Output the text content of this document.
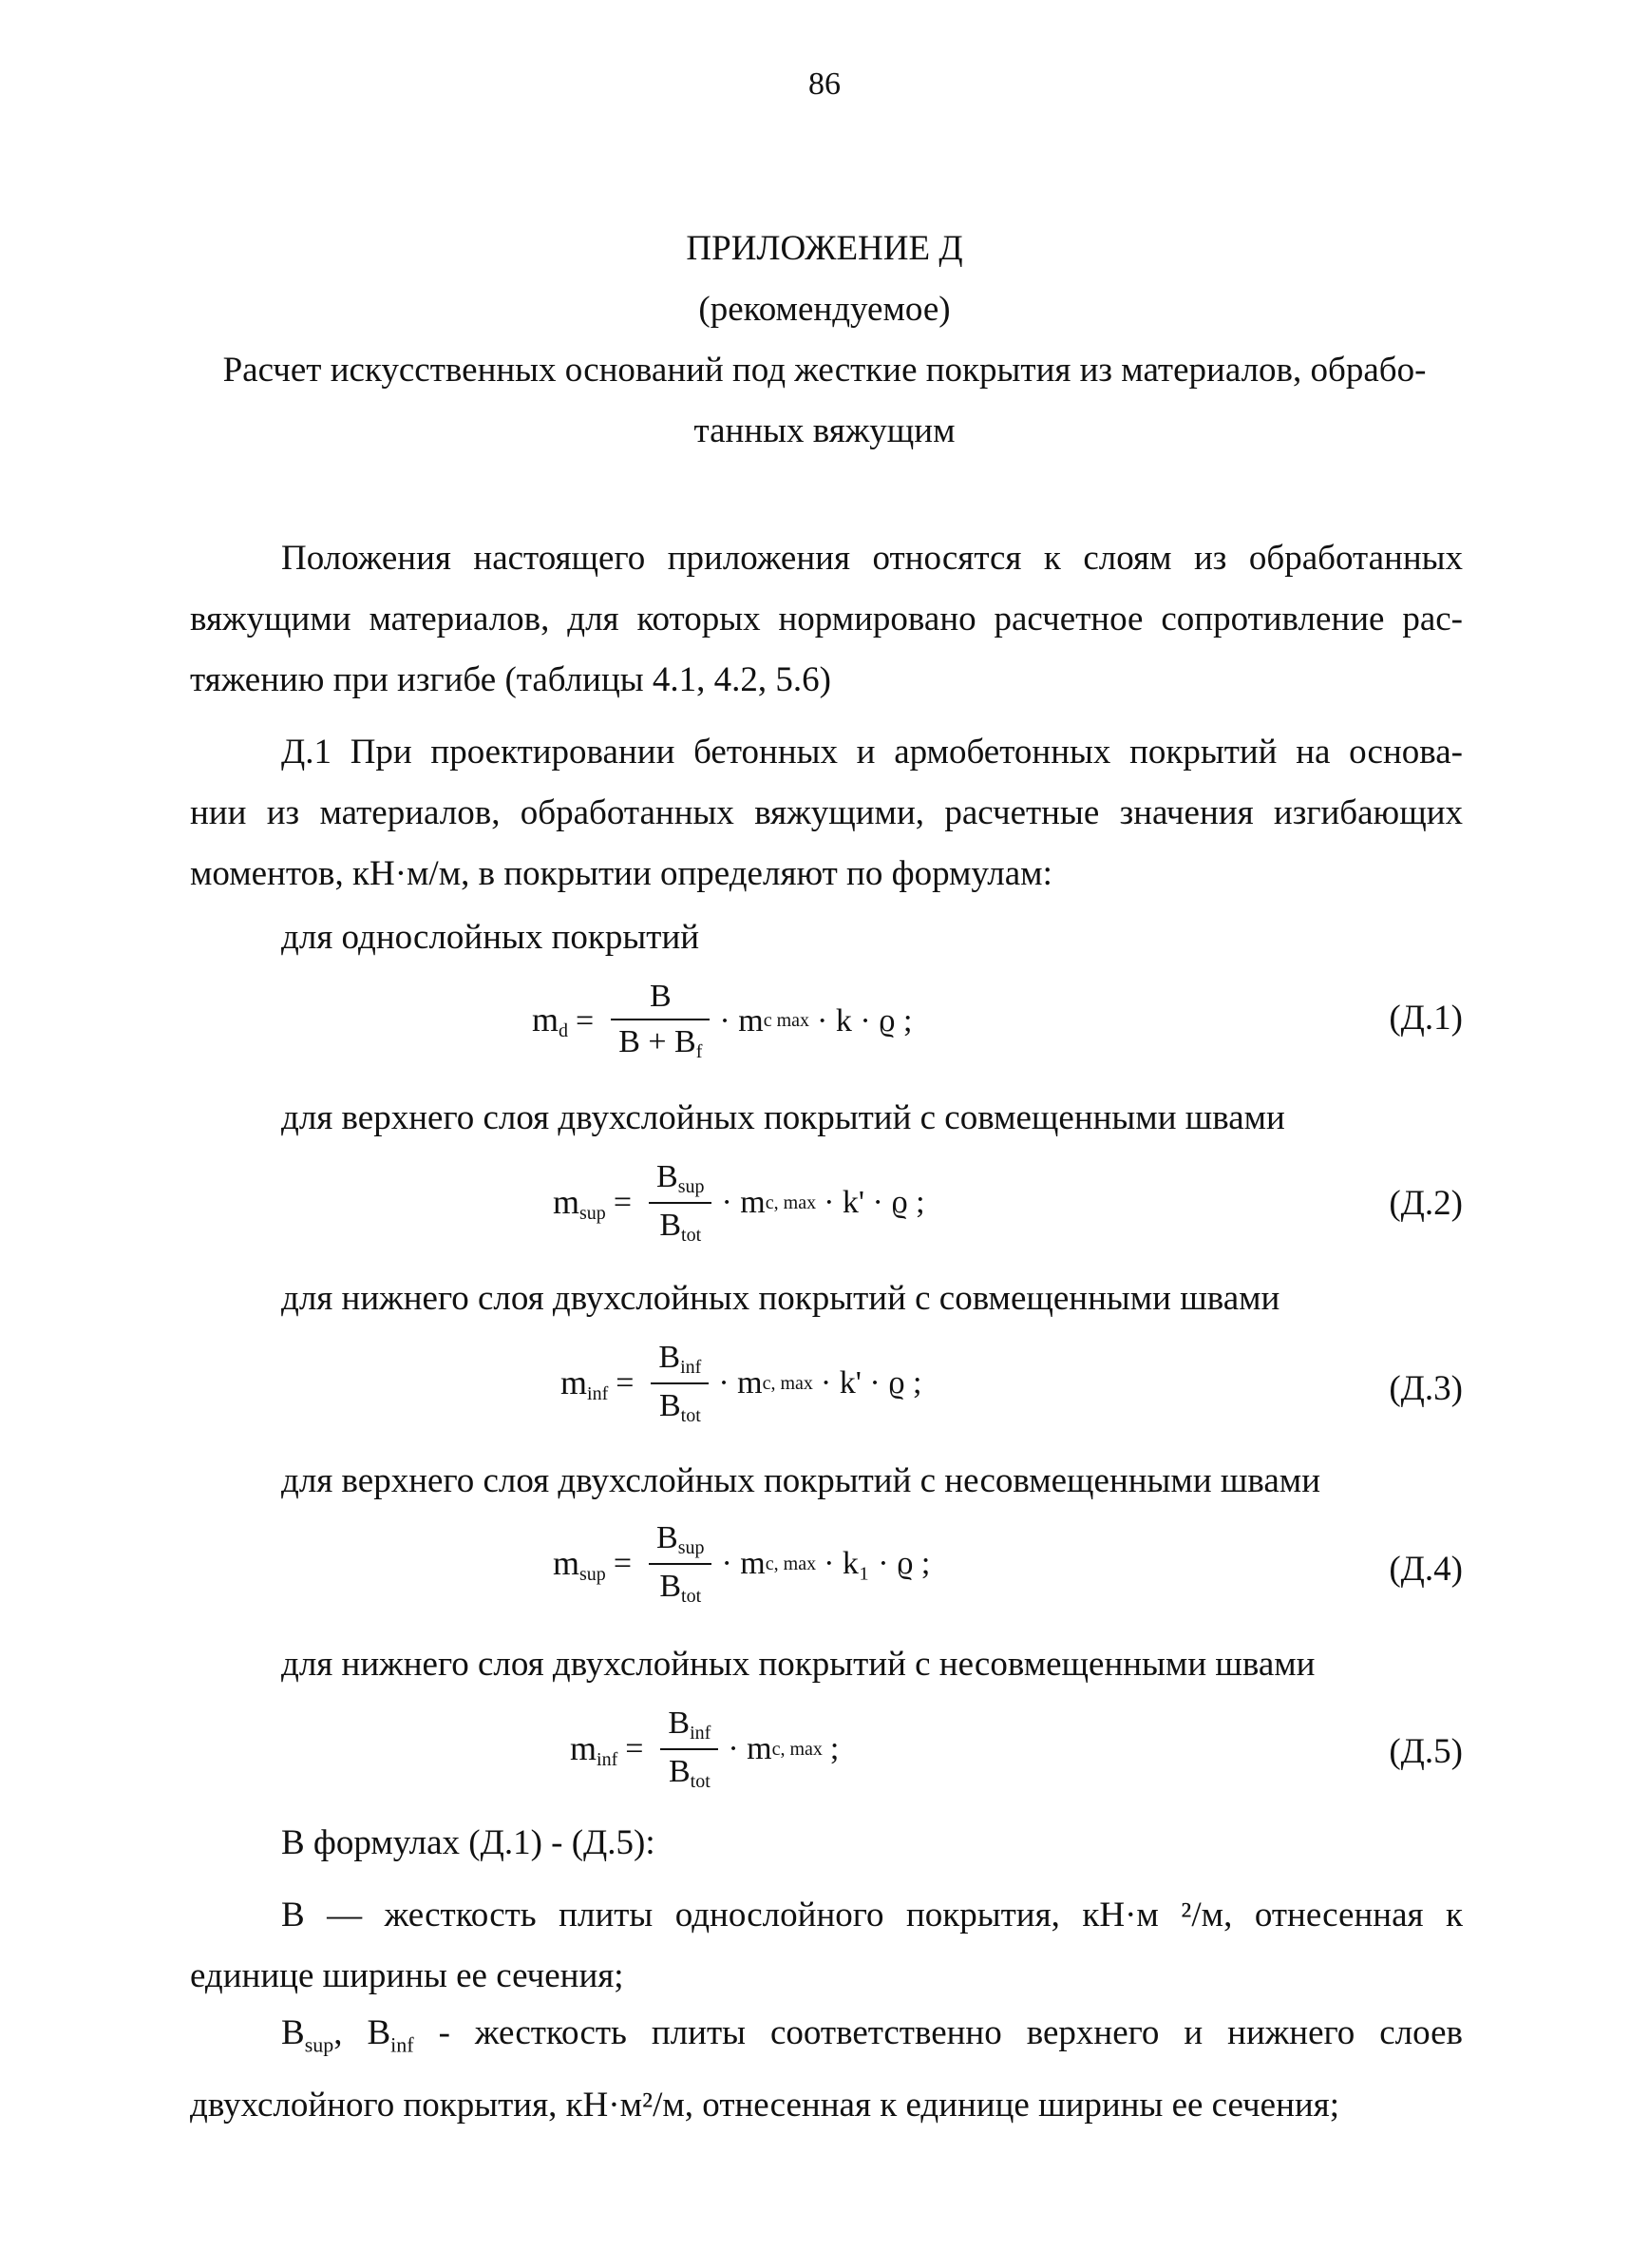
86
ПРИЛОЖЕНИЕ Д
(рекомендуемое)
Расчет искусственных оснований под жесткие покрытия из материалов, обрабо-
танных вяжущим
Положения настоящего приложения относятся к слоям из обработанных
вяжущими материалов, для которых нормировано расчетное сопротивление рас-
тяжению при изгибе (таблицы 4.1, 4.2, 5.6)
Д.1 При проектировании бетонных и армобетонных покрытий на основа-
нии из материалов, обработанных вяжущими, расчетные значения изгибающих
моментов, кН·м/м, в покрытии определяют по формулам:
для однослойных покрытий
$m_d = \frac{B}{B + B_f} \cdot m$ c max · k · ϱ ;	(Д.1)
для верхнего слоя двухслойных покрытий с совмещенными швами
$m_{sup} = \frac{B_{sup}}{B_{tot}} \cdot m$ c, max · k' · ϱ ;	(Д.2)
для нижнего слоя двухслойных покрытий с совмещенными швами
$m_{inf} = \frac{B_{inf}}{B_{tot}} \cdot m$ c, max · k' · ϱ ;	(Д.3)
для верхнего слоя двухслойных покрытий с несовмещенными швами
$m_{sup} = \frac{B_{sup}}{B_{tot}} \cdot m$ c, max · k₁ · ϱ ;	(Д.4)
для нижнего слоя двухслойных покрытий с несовмещенными швами
$m_{inf} = \frac{B_{inf}}{B_{tot}} \cdot m$ c, max ;	(Д.5)
В формулах (Д.1) - (Д.5):
В — жесткость плиты однослойного покрытия, кН·м ²/м, отнесенная к
единице ширины ее сечения;
$B_{sup}$, $B_{inf}$ - жесткость плиты соответственно верхнего и нижнего слоев
двухслойного покрытия, кН·м²/м, отнесенная к единице ширины ее сечения;
